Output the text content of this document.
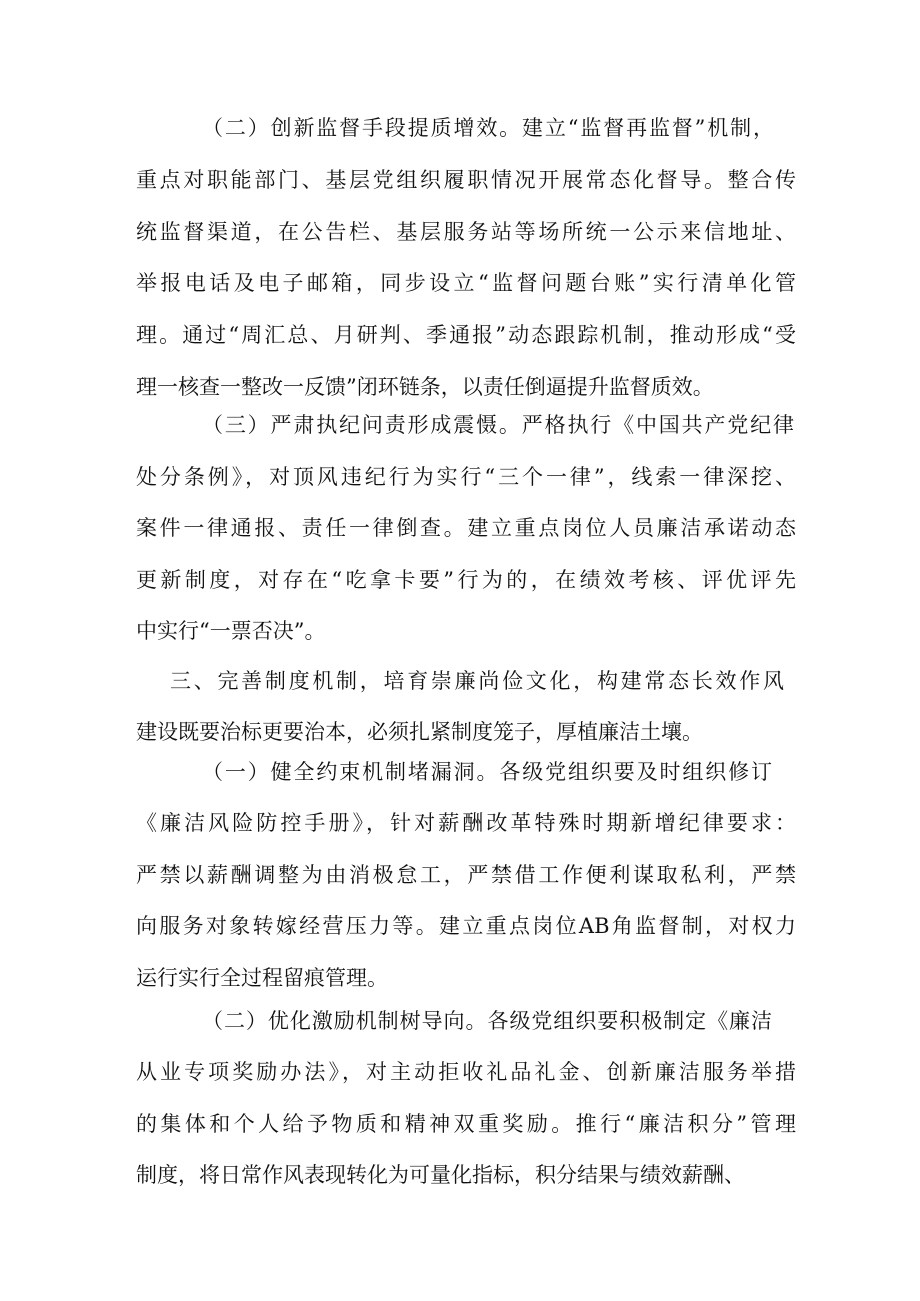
（二）创新监督手段提质增效。建立“监督再监督”机制，
重点对职能部门、基层党组织履职情况开展常态化督导。整合传
统监督渠道，在公告栏、基层服务站等场所统一公示来信地址、
举报电话及电子邮箱，同步设立“监督问题台账”实行清单化管
理。通过“周汇总、月研判、季通报”动态跟踪机制，推动形成“受
理一核查一整改一反馈”闭环链条，以责任倒逼提升监督质效。
（三）严肃执纪问责形成震慑。严格执行《中国共产党纪律
处分条例》，对顶风违纪行为实行“三个一律”，线索一律深挖、
案件一律通报、责任一律倒查。建立重点岗位人员廉洁承诺动态
更新制度，对存在“吃拿卡要”行为的，在绩效考核、评优评先
中实行“一票否决”。
三、完善制度机制，培育崇廉尚俭文化，构建常态长效作风
建设既要治标更要治本，必须扎紧制度笼子，厚植廉洁土壤。
（一）健全约束机制堵漏洞。各级党组织要及时组织修订
《廉洁风险防控手册》，针对薪酬改革特殊时期新增纪律要求：
严禁以薪酬调整为由消极怠工，严禁借工作便利谋取私利，严禁
向服务对象转嫁经营压力等。建立重点岗位AB角监督制，对权力
运行实行全过程留痕管理。
（二）优化激励机制树导向。各级党组织要积极制定《廉洁
从业专项奖励办法》，对主动拒收礼品礼金、创新廉洁服务举措
的集体和个人给予物质和精神双重奖励。推行“廉洁积分”管理
制度，将日常作风表现转化为可量化指标，积分结果与绩效薪酬、
